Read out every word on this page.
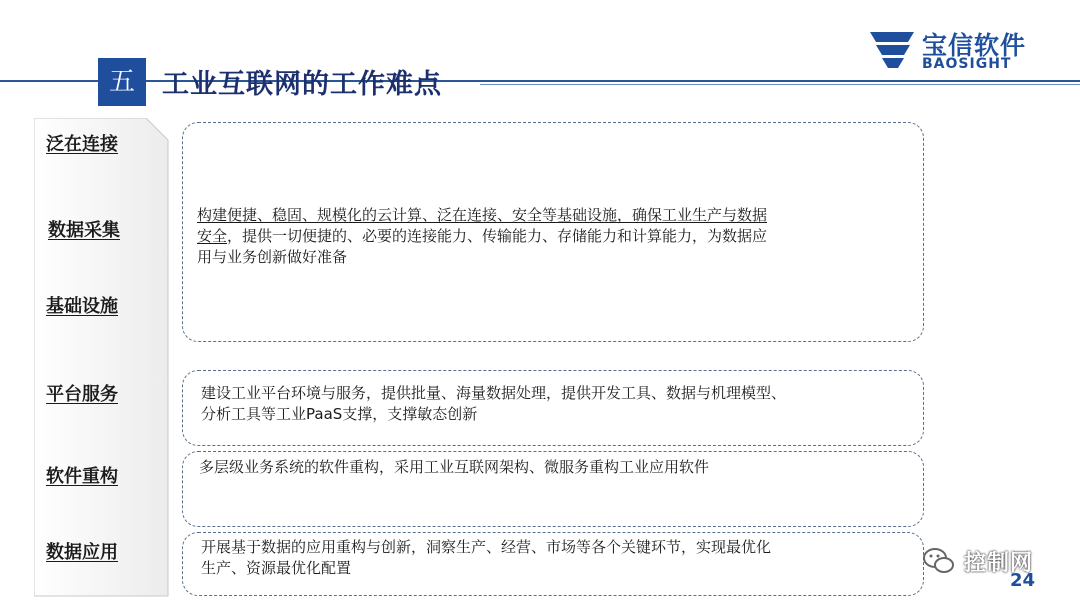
五	工业互联网的工作难点
宝信软件
BAOSIGHT
泛在连接
数据采集
基础设施
平台服务
软件重构
数据应用
构建便捷、稳固、规模化的云计算、泛在连接、安全等基础设施，确保工业生产与数据
安全，提供一切便捷的、必要的连接能力、传输能力、存储能力和计算能力，为数据应
用与业务创新做好准备
建设工业平台环境与服务，提供批量、海量数据处理，提供开发工具、数据与机理模型、
分析工具等工业PaaS支撑，支撑敏态创新
多层级业务系统的软件重构，采用工业互联网架构、微服务重构工业应用软件
开展基于数据的应用重构与创新，洞察生产、经营、市场等各个关键环节，实现最优化
生产、资源最优化配置	控制网
24
